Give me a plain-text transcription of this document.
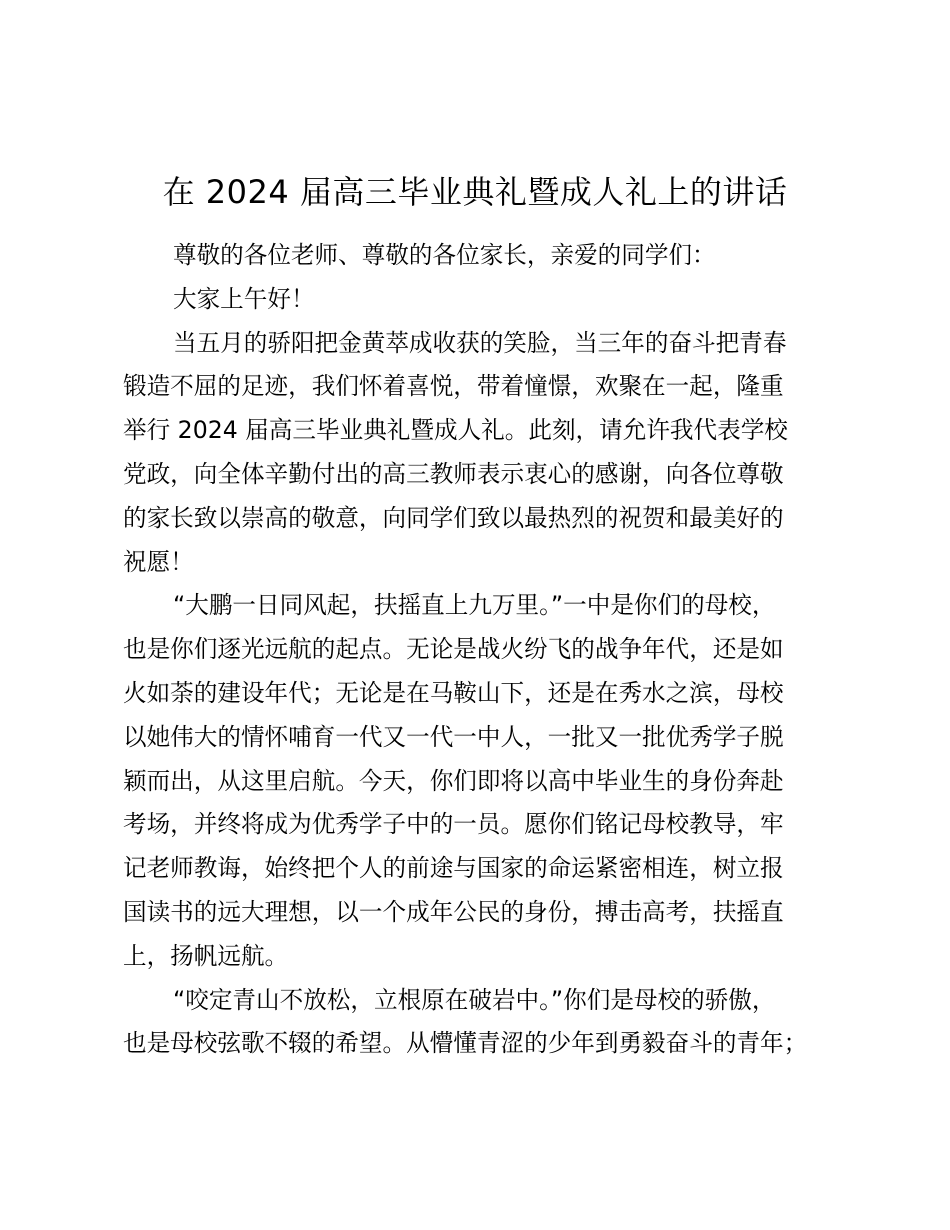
在 2024 届高三毕业典礼暨成人礼上的讲话
尊敬的各位老师、尊敬的各位家长，亲爱的同学们：
大家上午好！
当五月的骄阳把金黄萃成收获的笑脸，当三年的奋斗把青春
锻造不屈的足迹，我们怀着喜悦，带着憧憬，欢聚在一起，隆重
举行 2024 届高三毕业典礼暨成人礼。此刻，请允许我代表学校
党政，向全体辛勤付出的高三教师表示衷心的感谢，向各位尊敬
的家长致以崇高的敬意，向同学们致以最热烈的祝贺和最美好的
祝愿！
“大鹏一日同风起，扶摇直上九万里。”一中是你们的母校，
也是你们逐光远航的起点。无论是战火纷飞的战争年代，还是如
火如荼的建设年代；无论是在马鞍山下，还是在秀水之滨，母校
以她伟大的情怀哺育一代又一代一中人，一批又一批优秀学子脱
颖而出，从这里启航。今天，你们即将以高中毕业生的身份奔赴
考场，并终将成为优秀学子中的一员。愿你们铭记母校教导，牢
记老师教诲，始终把个人的前途与国家的命运紧密相连，树立报
国读书的远大理想，以一个成年公民的身份，搏击高考，扶摇直
上，扬帆远航。
“咬定青山不放松，立根原在破岩中。”你们是母校的骄傲，
也是母校弦歌不辍的希望。从懵懂青涩的少年到勇毅奋斗的青年；
